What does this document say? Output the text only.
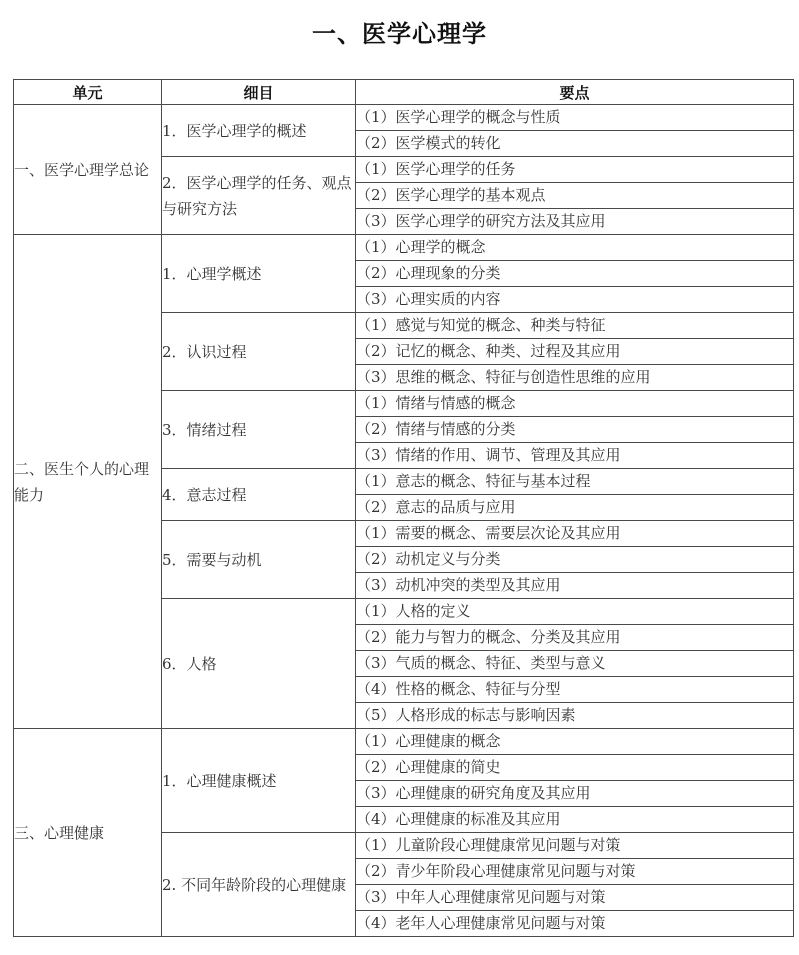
一、医学心理学
单元	细目	要点
一、医学心理学总论	1．医学心理学的概述	（1）医学心理学的概念与性质
		（2）医学模式的转化
	2．医学心理学的任务、观点与研究方法	（1）医学心理学的任务
		（2）医学心理学的基本观点
		（3）医学心理学的研究方法及其应用
二、医生个人的心理能力	1．心理学概述	（1）心理学的概念
		（2）心理现象的分类
		（3）心理实质的内容
	2．认识过程	（1）感觉与知觉的概念、种类与特征
		（2）记忆的概念、种类、过程及其应用
		（3）思维的概念、特征与创造性思维的应用
	3．情绪过程	（1）情绪与情感的概念
		（2）情绪与情感的分类
		（3）情绪的作用、调节、管理及其应用
	4．意志过程	（1）意志的概念、特征与基本过程
		（2）意志的品质与应用
	5．需要与动机	（1）需要的概念、需要层次论及其应用
		（2）动机定义与分类
		（3）动机冲突的类型及其应用
	6．人格	（1）人格的定义
		（2）能力与智力的概念、分类及其应用
		（3）气质的概念、特征、类型与意义
		（4）性格的概念、特征与分型
		（5）人格形成的标志与影响因素
三、心理健康	1．心理健康概述	（1）心理健康的概念
		（2）心理健康的简史
		（3）心理健康的研究角度及其应用
		（4）心理健康的标准及其应用
	2. 不同年龄阶段的心理健康	（1）儿童阶段心理健康常见问题与对策
		（2）青少年阶段心理健康常见问题与对策
		（3）中年人心理健康常见问题与对策
		（4）老年人心理健康常见问题与对策
